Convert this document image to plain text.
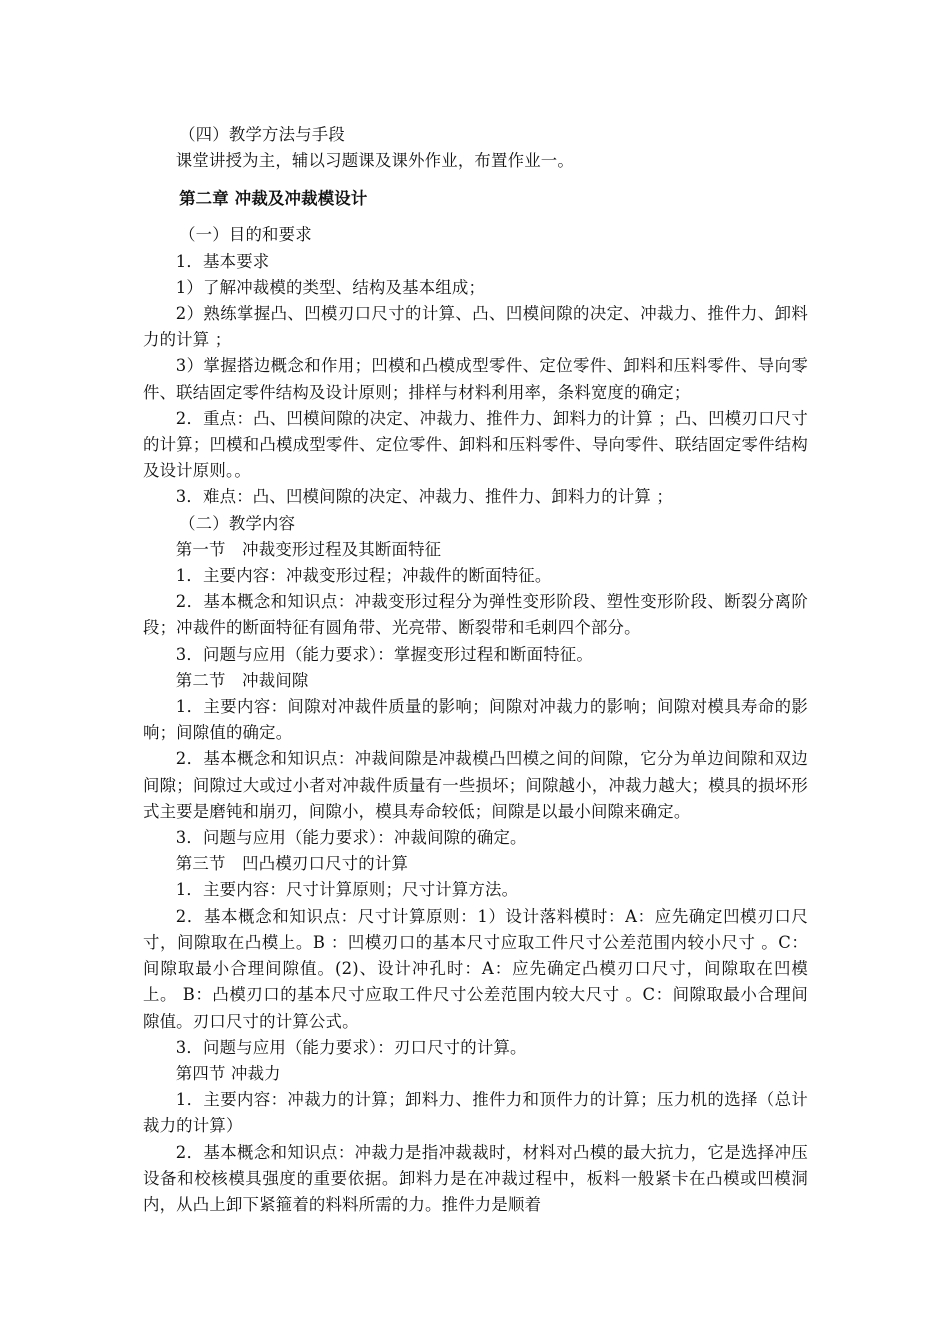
（四）教学方法与手段

课堂讲授为主，辅以习题课及课外作业，布置作业一。

第二章 冲裁及冲裁模设计

（一）目的和要求

1．基本要求

1）了解冲裁模的类型、结构及基本组成；

2）熟练掌握凸、凹模刃口尺寸的计算、凸、凹模间隙的决定、冲裁力、推件力、卸料力的计算 ；

3）掌握搭边概念和作用；凹模和凸模成型零件、定位零件、卸料和压料零件、导向零件、联结固定零件结构及设计原则；排样与材料利用率，条料宽度的确定；

2．重点：凸、凹模间隙的决定、冲裁力、推件力、卸料力的计算 ；凸、凹模刃口尺寸的计算；凹模和凸模成型零件、定位零件、卸料和压料零件、导向零件、联结固定零件结构及设计原则。。

3．难点：凸、凹模间隙的决定、冲裁力、推件力、卸料力的计算 ；

（二）教学内容

第一节　冲裁变形过程及其断面特征

1．主要内容：冲裁变形过程；冲裁件的断面特征。

2．基本概念和知识点：冲裁变形过程分为弹性变形阶段、塑性变形阶段、断裂分离阶段；冲裁件的断面特征有圆角带、光亮带、断裂带和毛刺四个部分。

3．问题与应用（能力要求）：掌握变形过程和断面特征。

第二节　冲裁间隙

1．主要内容：间隙对冲裁件质量的影响；间隙对冲裁力的影响；间隙对模具寿命的影响；间隙值的确定。

2．基本概念和知识点：冲裁间隙是冲裁模凸凹模之间的间隙，它分为单边间隙和双边间隙；间隙过大或过小者对冲裁件质量有一些损坏；间隙越小，冲裁力越大；模具的损坏形式主要是磨钝和崩刃，间隙小，模具寿命较低；间隙是以最小间隙来确定。

3．问题与应用（能力要求）：冲裁间隙的确定。

第三节　凹凸模刃口尺寸的计算

1．主要内容：尺寸计算原则；尺寸计算方法。

2．基本概念和知识点：尺寸计算原则：1）设计落料模时：A：应先确定凹模刃口尺寸，间隙取在凸模上。B ：凹模刃口的基本尺寸应取工件尺寸公差范围内较小尺寸 。C：间隙取最小合理间隙值。(2)、设计冲孔时：A：应先确定凸模刃口尺寸，间隙取在凹模上。 B：凸模刃口的基本尺寸应取工件尺寸公差范围内较大尺寸 。C：间隙取最小合理间隙值。刃口尺寸的计算公式。

3．问题与应用（能力要求）：刃口尺寸的计算。

第四节 冲裁力

1．主要内容：冲裁力的计算；卸料力、推件力和顶件力的计算；压力机的选择（总计裁力的计算）

2．基本概念和知识点：冲裁力是指冲裁裁时，材料对凸模的最大抗力，它是选择冲压设备和校核模具强度的重要依据。卸料力是在冲裁过程中，板料一般紧卡在凸模或凹模洞内，从凸上卸下紧箍着的料料所需的力。推件力是顺着
